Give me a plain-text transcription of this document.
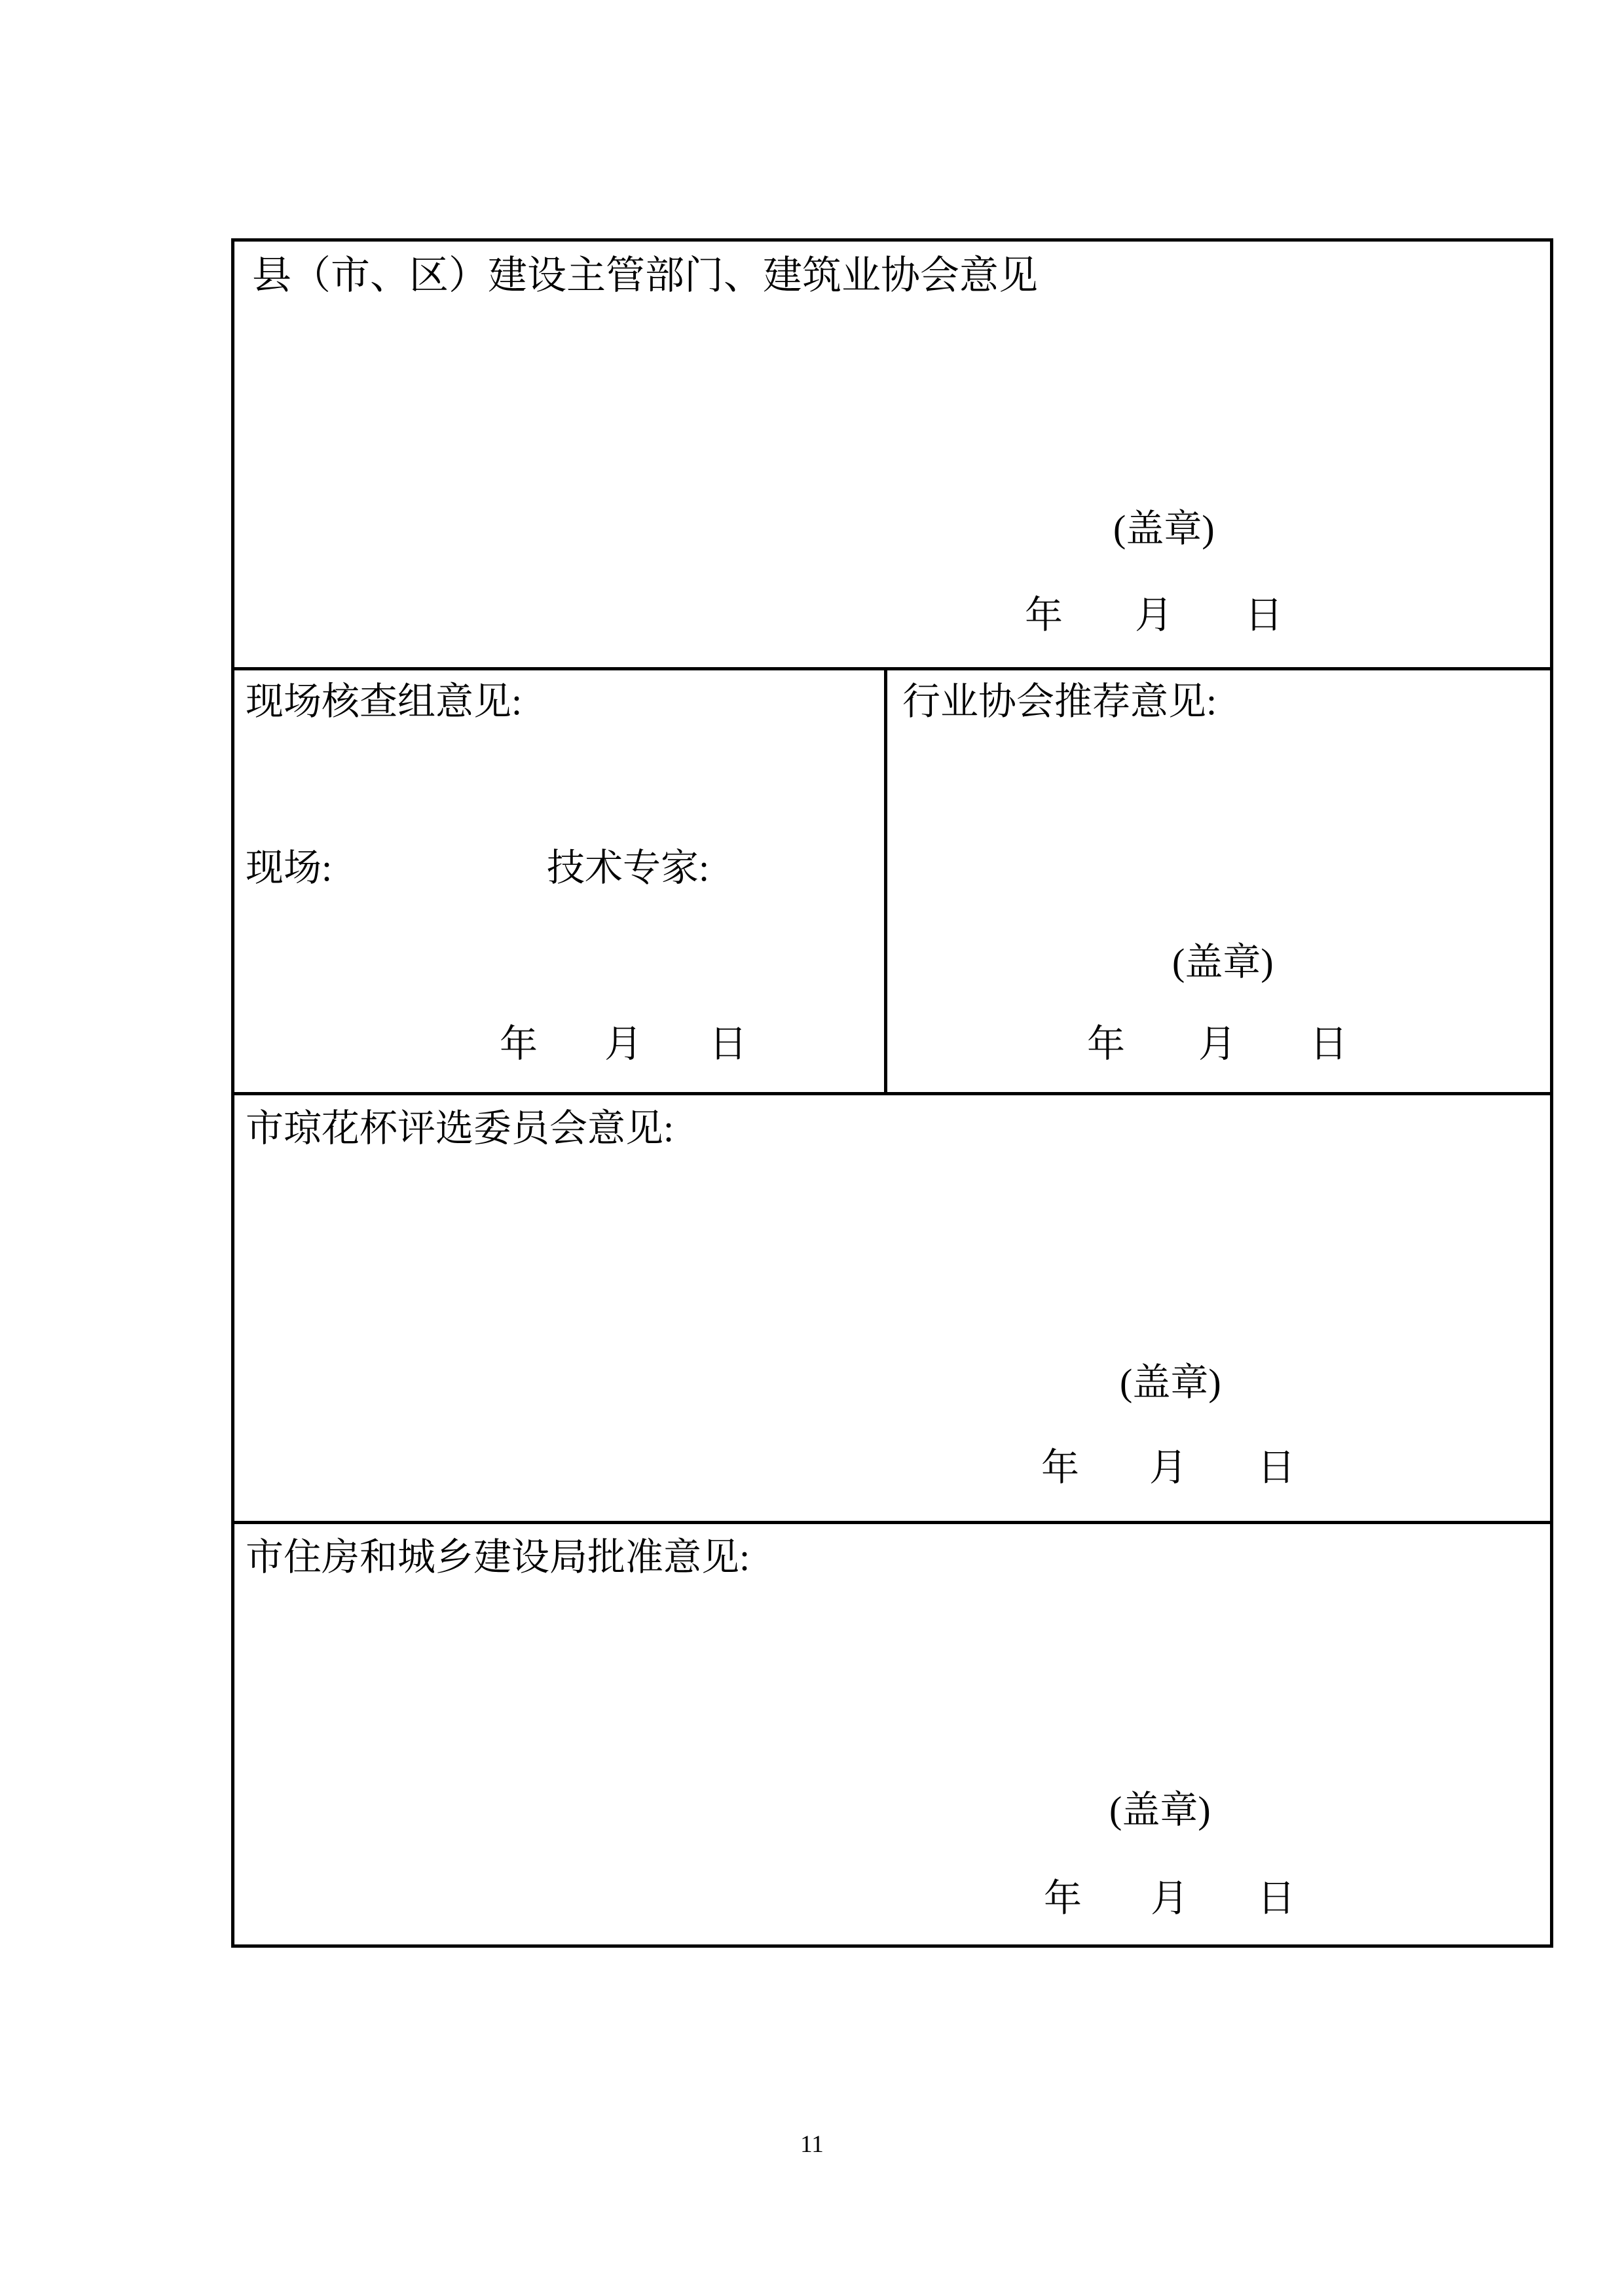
县（市、区）建设主管部门、建筑业协会意见
(盖章)
年 月 日
现场核查组意见:
现场:	技术专家:
年 月 日
行业协会推荐意见:
(盖章)
年 月 日
市琼花杯评选委员会意见:
(盖章)
年 月 日
市住房和城乡建设局批准意见:
(盖章)
年 月 日
11
